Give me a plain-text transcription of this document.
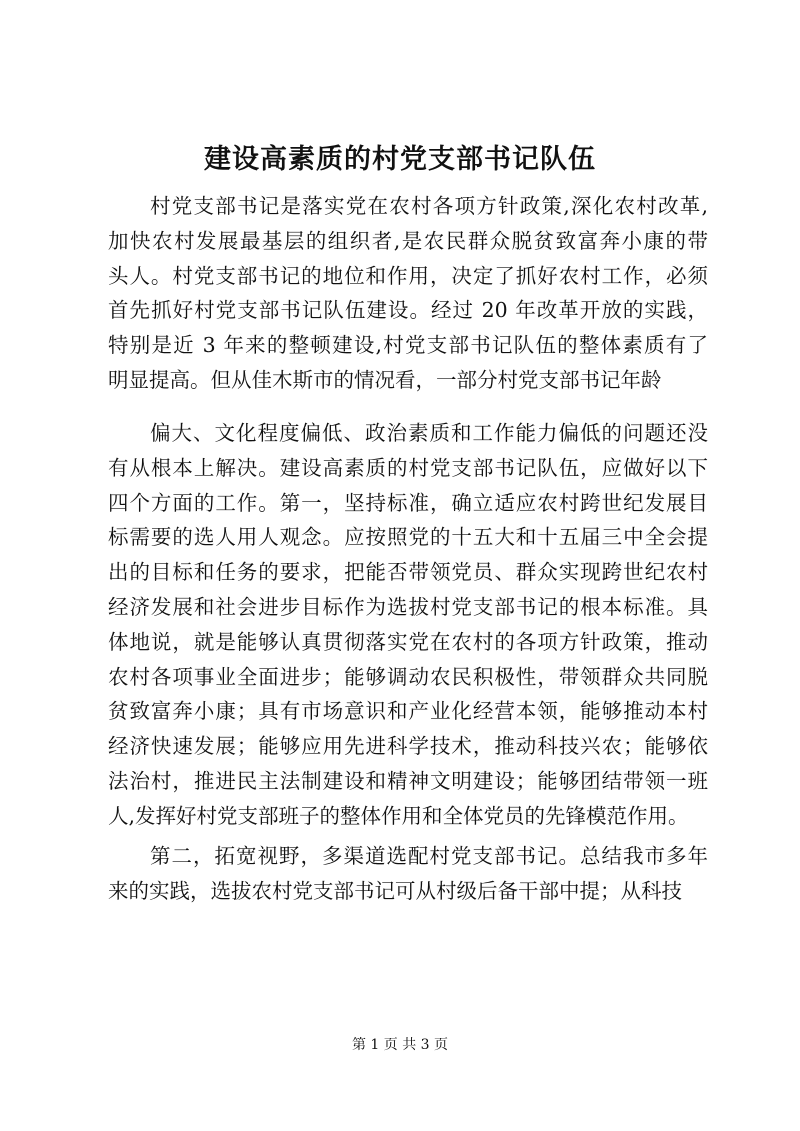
建设高素质的村党支部书记队伍
村党支部书记是落实党在农村各项方针政策,深化农村改革,
加快农村发展最基层的组织者,是农民群众脱贫致富奔小康的带
头人。村党支部书记的地位和作用，决定了抓好农村工作，必须
首先抓好村党支部书记队伍建设。经过 20 年改革开放的实践，
特别是近 3 年来的整顿建设,村党支部书记队伍的整体素质有了
明显提高。但从佳木斯市的情况看，一部分村党支部书记年龄
偏大、文化程度偏低、政治素质和工作能力偏低的问题还没
有从根本上解决。建设高素质的村党支部书记队伍，应做好以下
四个方面的工作。第一，坚持标准，确立适应农村跨世纪发展目
标需要的选人用人观念。应按照党的十五大和十五届三中全会提
出的目标和任务的要求，把能否带领党员、群众实现跨世纪农村
经济发展和社会进步目标作为选拔村党支部书记的根本标准。具
体地说，就是能够认真贯彻落实党在农村的各项方针政策，推动
农村各项事业全面进步；能够调动农民积极性，带领群众共同脱
贫致富奔小康；具有市场意识和产业化经营本领，能够推动本村
经济快速发展；能够应用先进科学技术，推动科技兴农；能够依
法治村，推进民主法制建设和精神文明建设；能够团结带领一班
人,发挥好村党支部班子的整体作用和全体党员的先锋模范作用。
第二，拓宽视野，多渠道选配村党支部书记。总结我市多年
来的实践，选拔农村党支部书记可从村级后备干部中提；从科技
第 1 页 共 3 页
